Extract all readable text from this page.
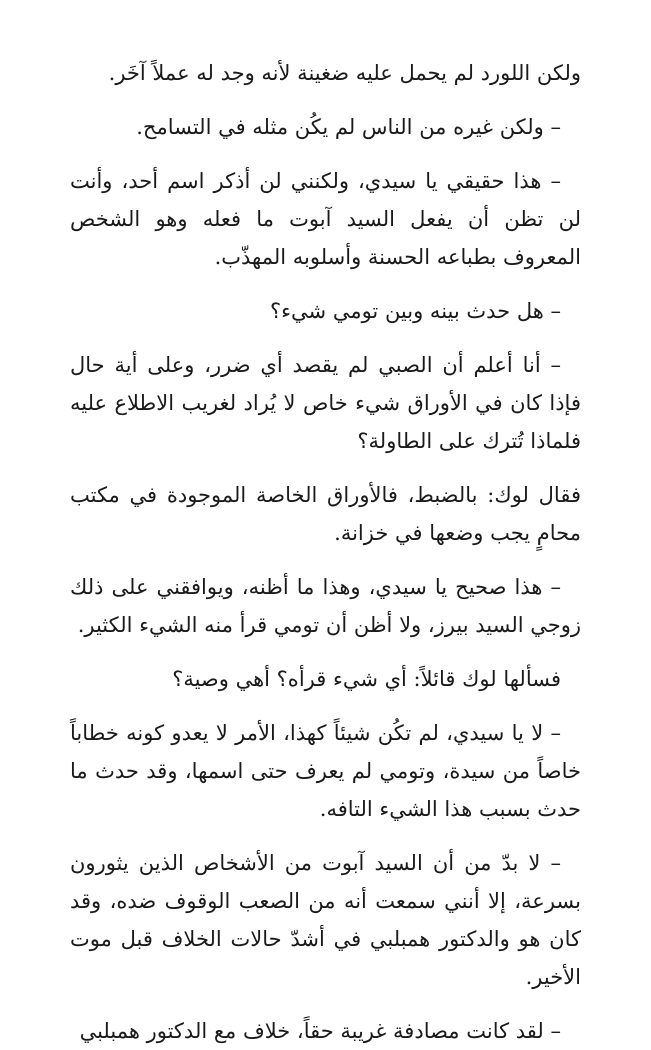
ولكن اللورد لم يحمل عليه ضغينة لأنه وجد له عملاً آخَر.

– ولكن غيره من الناس لم يكُن مثله في التسامح.

– هذا حقيقي يا سيدي، ولكنني لن أذكر اسم أحد، وأنت لن تظن أن يفعل السيد آبوت ما فعله وهو الشخص المعروف بطباعه الحسنة وأسلوبه المهذّب.

– هل حدث بينه وبين تومي شيء؟

– أنا أعلم أن الصبي لم يقصد أي ضرر، وعلى أية حال فإذا كان في الأوراق شيء خاص لا يُراد لغريب الاطلاع عليه فلماذا تُترك على الطاولة؟

فقال لوك: بالضبط، فالأوراق الخاصة الموجودة في مكتب محامٍ يجب وضعها في خزانة.

– هذا صحيح يا سيدي، وهذا ما أظنه، ويوافقني على ذلك زوجي السيد بيرز، ولا أظن أن تومي قرأ منه الشيء الكثير.

فسألها لوك قائلاً: أي شيء قرأه؟ أهي وصية؟

– لا يا سيدي، لم تكُن شيئاً كهذا، الأمر لا يعدو كونه خطاباً خاصاً من سيدة، وتومي لم يعرف حتى اسمها، وقد حدث ما حدث بسبب هذا الشيء التافه.

– لا بدّ من أن السيد آبوت من الأشخاص الذين يثورون بسرعة، إلا أنني سمعت أنه من الصعب الوقوف ضده، وقد كان هو والدكتور همبلبي في أشدّ حالات الخلاف قبل موت الأخير.

– لقد كانت مصادفة غريبة حقاً، خلاف مع الدكتور همبلبي
